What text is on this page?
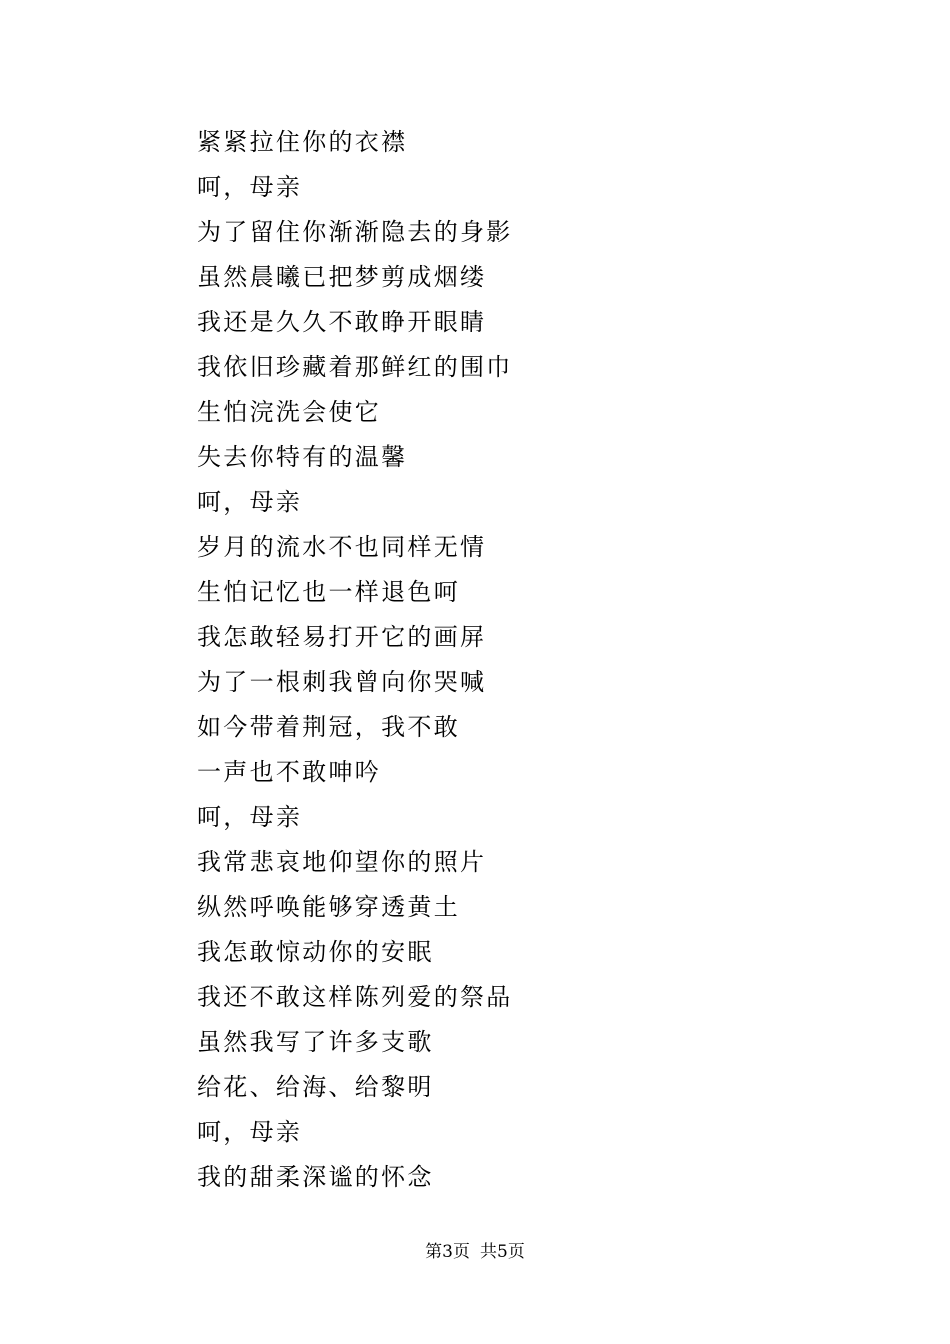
紧紧拉住你的衣襟
呵，母亲
为了留住你渐渐隐去的身影
虽然晨曦已把梦剪成烟缕
我还是久久不敢睁开眼睛
我依旧珍藏着那鲜红的围巾
生怕浣洗会使它
失去你特有的温馨
呵，母亲
岁月的流水不也同样无情
生怕记忆也一样退色呵
我怎敢轻易打开它的画屏
为了一根刺我曾向你哭喊
如今带着荆冠，我不敢
一声也不敢呻吟
呵，母亲
我常悲哀地仰望你的照片
纵然呼唤能够穿透黄土
我怎敢惊动你的安眠
我还不敢这样陈列爱的祭品
虽然我写了许多支歌
给花、给海、给黎明
呵，母亲
我的甜柔深谧的怀念
第3页 共5页
